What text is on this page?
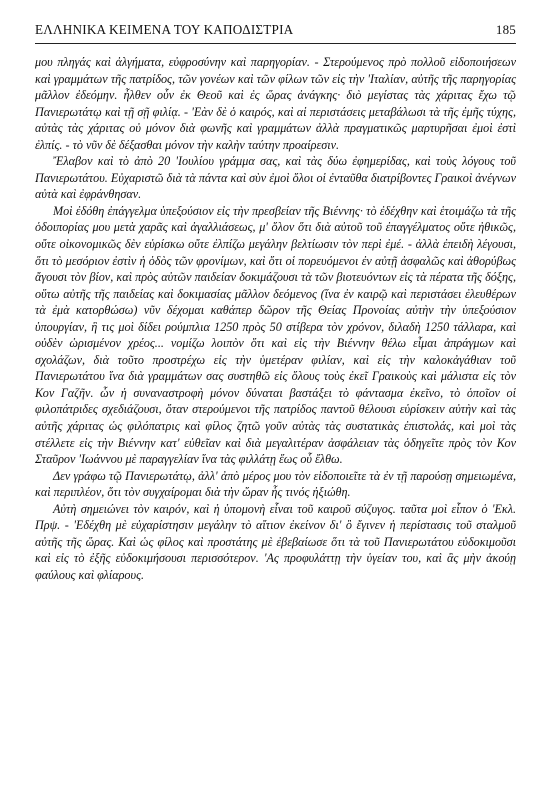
ΕΛΛΗΝΙΚΑ ΚΕΙΜΕΝΑ ΤΟΥ ΚΑΠΟΔΙΣΤΡΙΑ	185

μου πληγάς καὶ ἀλγήματα, εὐφροσύνην καὶ παρηγορίαν. - Στερούμενος πρὸ πολλοῦ εἰδοποιήσεων καὶ γραμμάτων τῆς πατρίδος, τῶν γονέων καὶ τῶν φίλων τῶν εἰς τὴν 'Ιταλίαν, αὐτῆς τῆς παρηγορίας μᾶλλον ἐδεόμην. ἦλθεν οὖν ἐκ Θεοῦ καὶ ἐς ὥρας ἀνάγκης· διὸ μεγίστας τὰς χάριτας ἔχω τῷ Πανιερωτάτῳ καὶ τῇ σῇ φιλίᾳ. - 'Εὰν δὲ ὁ καιρός, καὶ αἱ περιστάσεις μεταβάλωσι τὰ τῆς ἐμῆς τύχης, αὐτὰς τὰς χάριτας οὐ μόνον διὰ φωνῆς καὶ γραμμάτων ἀλλὰ πραγματικῶς μαρτυρῆσαι ἐμοὶ ἐστὶ ἐλπίς. - τὸ νῦν δὲ δέξασθαι μόνον τὴν καλὴν ταύτην προαίρεσιν.

Ἔλαβον καὶ τὸ ἀπὸ 20 'Ιουλίου γράμμα σας, καὶ τὰς δύω ἐφημερίδας, καὶ τοὺς λόγους τοῦ Πανιερωτάτου. Εὐχαριστῶ διὰ τὰ πάντα καὶ σὺν ἐμοὶ ὅλοι οἱ ἐνταῦθα διατρίβοντες Γραικοὶ ἀνέγνων αὐτὰ καὶ ἐφράνθησαν.

Μοὶ ἐδόθη ἐπάγγελμα ὑπεξούσιον εἰς τὴν πρεσβείαν τῆς Βιέννης· τὸ ἐδέχθην καὶ ἑτοιμάζω τὰ τῆς ὁδοιπορίας μου μετὰ χαρᾶς καὶ ἀγαλλιάσεως, μ' ὅλον ὅτι διὰ αὐτοῦ τοῦ ἐπαγγέλματος οὔτε ἠθικῶς, οὔτε οἰκονομικῶς δὲν εὑρίσκω οὔτε ἐλπίζω μεγάλην βελτίωσιν τὸν περὶ ἐμέ. - ἀλλὰ ἐπειδὴ λέγουσι, ὅτι τὸ μεσόριον ἐστὶν ἡ ὁδὸς τῶν φρονίμων, καὶ ὅτι οἱ πορευόμενοι ἐν αὐτῇ ἀσφαλῶς καὶ ἀθορύβως ἄγουσι τὸν βίον, καὶ πρὸς αὐτῶν παιδείαν δοκιμάζουσι τὰ τῶν βιοτευόντων εἰς τὰ πέρατα τῆς δόξης, οὕτω αὐτῆς τῆς παιδείας καὶ δοκιμασίας μᾶλλον δεόμενος (ἵνα ἐν καιρῷ καὶ περιστάσει ἐλευθέρων τὰ ἐμὰ κατορθώσω) νῦν δέχομαι καθάπερ δῶρον τῆς Θείας Προνοίας αὐτὴν τὴν ὑπεξούσιον ὑπουργίαν, ἣ τις μοὶ δίδει ρούμπλια 1250 πρὸς 50 στίβερα τὸν χρόνον, διλαδὴ 1250 τάλλαρα, καὶ οὐδὲν ὡρισμένον χρέος... νομίζω λοιπὸν ὅτι καὶ εἰς τὴν Βιέννην θέλω εἶμαι ἀπράγμων καὶ σχολάζων, διὰ τοῦτο προστρέχω εἰς τὴν ὑμετέραν φιλίαν, καὶ εἰς τὴν καλοκἀγάθιαν τοῦ Πανιερωτάτου ἵνα διὰ γραμμάτων σας συστηθῶ εἰς ὅλους τοὺς ἐκεῖ Γραικοὺς καὶ μάλιστα εἰς τὸν Κον Γαζῆν. ὧν ἡ συναναστροφὴ μόνον δύναται βαστάξει τὸ φάντασμα ἐκεῖνο, τὸ ὁποῖον οἱ φιλοπάτριδες σχεδιάζουσι, ὅταν στερούμενοι τῆς πατρίδος παντοῦ θέλουσι εὑρίσκειν αὐτὴν καὶ τὰς αὐτῆς χάριτας ὡς φιλόπατρις καὶ φίλος ζητῶ γοῦν αὐτὰς τὰς συστατικὰς ἐπιστολάς, καὶ μοὶ τὰς στέλλετε εἰς τὴν Βιέννην κατ' εὐθεῖαν καὶ διὰ μεγαλιτέραν ἀσφάλειαν τὰς ὁδηγεῖτε πρὸς τὸν Κον Σταῦρον 'Ιωάννου μὲ παραγγελίαν ἵνα τὰς φιλλάτῃ ἕως οὗ ἔλθω.

Δεν γράφω τῷ Πανιερωτάτῳ, ἀλλ' ἀπὸ μέρος μου τὸν εἰδοποιεῖτε τὰ ἐν τῇ παρούσῃ σημειωμένα, καὶ περιπλέον, ὅτι τὸν συγχαίρομαι διὰ τὴν ὥραν ἧς τινός ἠξιώθη.

Αὐτὴ σημειώνει τὸν καιρόν, καὶ ἡ ὑπομονὴ εἶναι τοῦ καιροῦ σύζυγος. ταῦτα μοὶ εἶπον ὁ 'Εκλ. Πρψ. - 'Εδέχθη μὲ εὐχαρίστησιν μεγάλην τὸ αἴτιον ἐκείνον δι' ὃ ἔγινεν ἡ περίστασις τοῦ σταλμοῦ αὐτῆς τῆς ὥρας. Καὶ ὡς φίλος καὶ προστάτης μὲ ἐβεβαίωσε ὅτι τὰ τοῦ Πανιερωτάτου εὐδοκιμοῦσι καὶ εἰς τὸ ἐξῆς εὐδοκιμήσουσι περισσότερον. 'Ας προφυλάττῃ τὴν ὑγείαν του, καὶ ἂς μὴν ἀκούῃ φαύλους καὶ φλίαρους.
